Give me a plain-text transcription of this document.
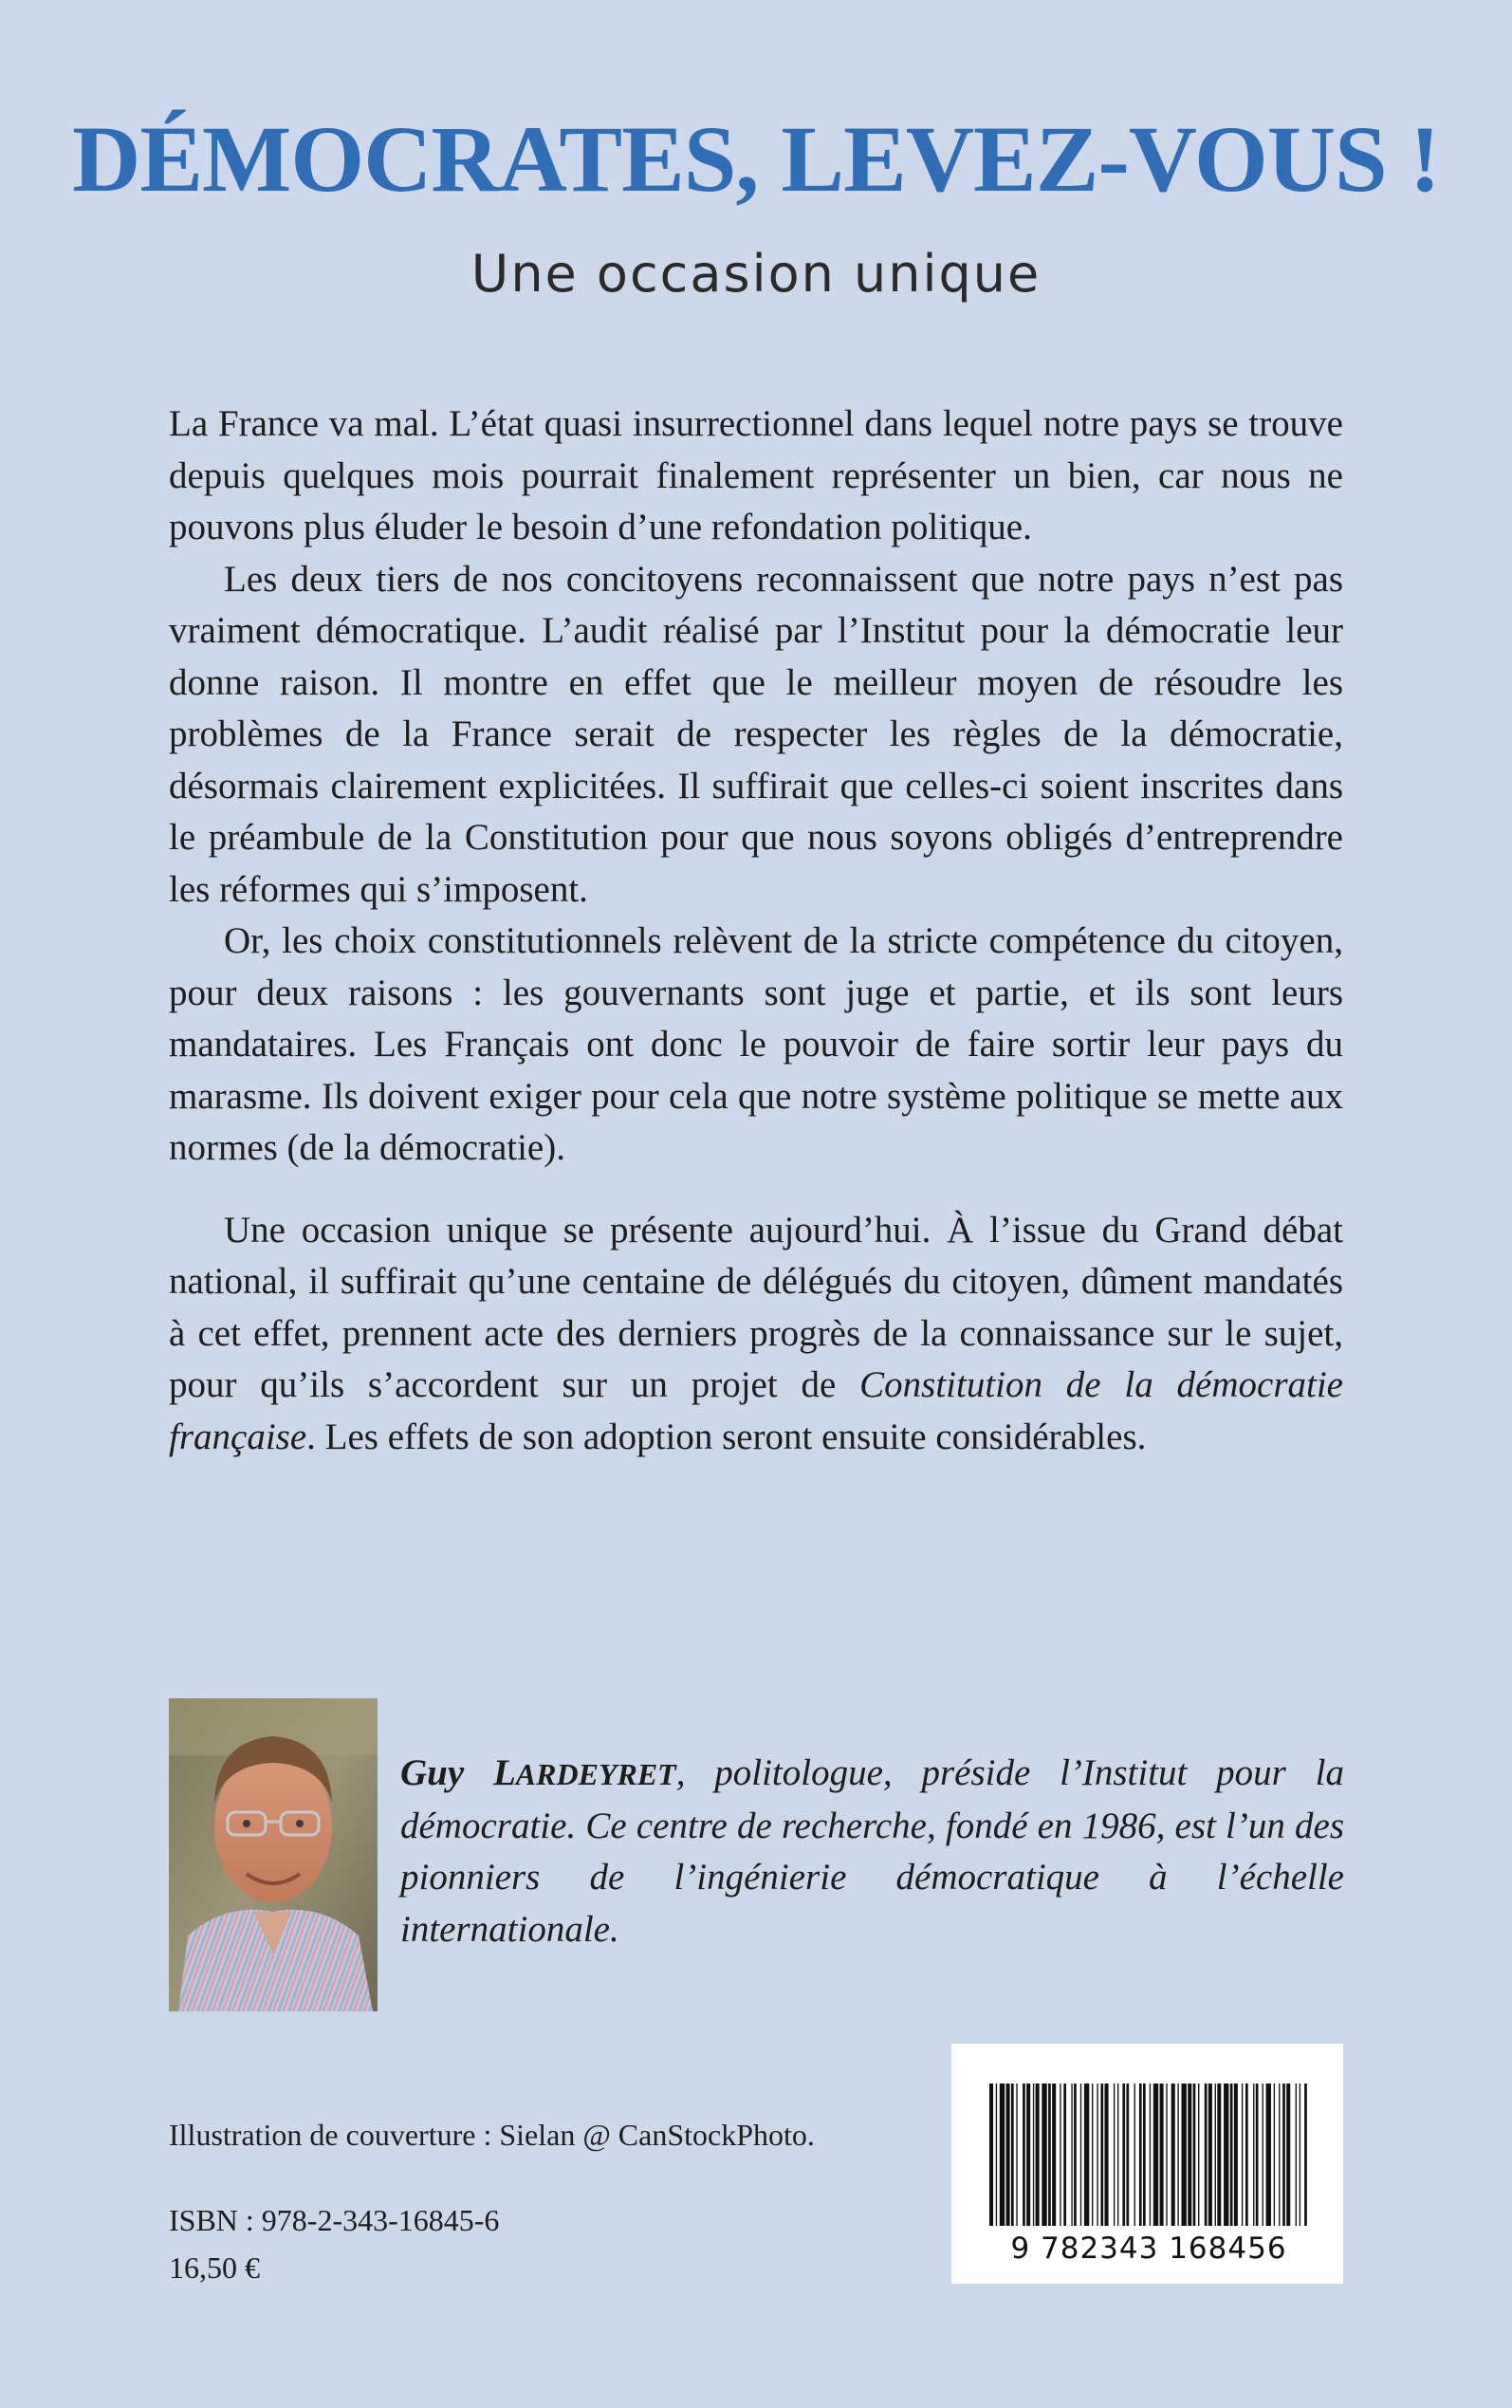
DÉMOCRATES, LEVEZ-VOUS !
Une occasion unique

La France va mal. L’état quasi insurrectionnel dans lequel notre pays se trouve depuis quelques mois pourrait finalement représenter un bien, car nous ne pouvons plus éluder le besoin d’une refondation politique.

Les deux tiers de nos concitoyens reconnaissent que notre pays n’est pas vraiment démocratique. L’audit réalisé par l’Institut pour la démocratie leur donne raison. Il montre en effet que le meilleur moyen de résoudre les problèmes de la France serait de respecter les règles de la démocratie, désormais clairement explicitées. Il suffirait que celles-ci soient inscrites dans le préambule de la Constitution pour que nous soyons obligés d’entreprendre les réformes qui s’imposent.

Or, les choix constitutionnels relèvent de la stricte compétence du citoyen, pour deux raisons : les gouvernants sont juge et partie, et ils sont leurs mandataires. Les Français ont donc le pouvoir de faire sortir leur pays du marasme. Ils doivent exiger pour cela que notre système politique se mette aux normes (de la démocratie).

Une occasion unique se présente aujourd’hui. À l’issue du Grand débat national, il suffirait qu’une centaine de délégués du citoyen, dûment mandatés à cet effet, prennent acte des derniers progrès de la connaissance sur le sujet, pour qu’ils s’accordent sur un projet de Constitution de la démocratie française. Les effets de son adoption seront ensuite considérables.

Guy LARDEYRET, politologue, préside l’Institut pour la démocratie. Ce centre de recherche, fondé en 1986, est l’un des pionniers de l’ingénierie démocratique à l’échelle internationale.
Illustration de couverture : Sielan @ CanStockPhoto.
ISBN : 978-2-343-16845-6
16,50 €
9 782343 168456
